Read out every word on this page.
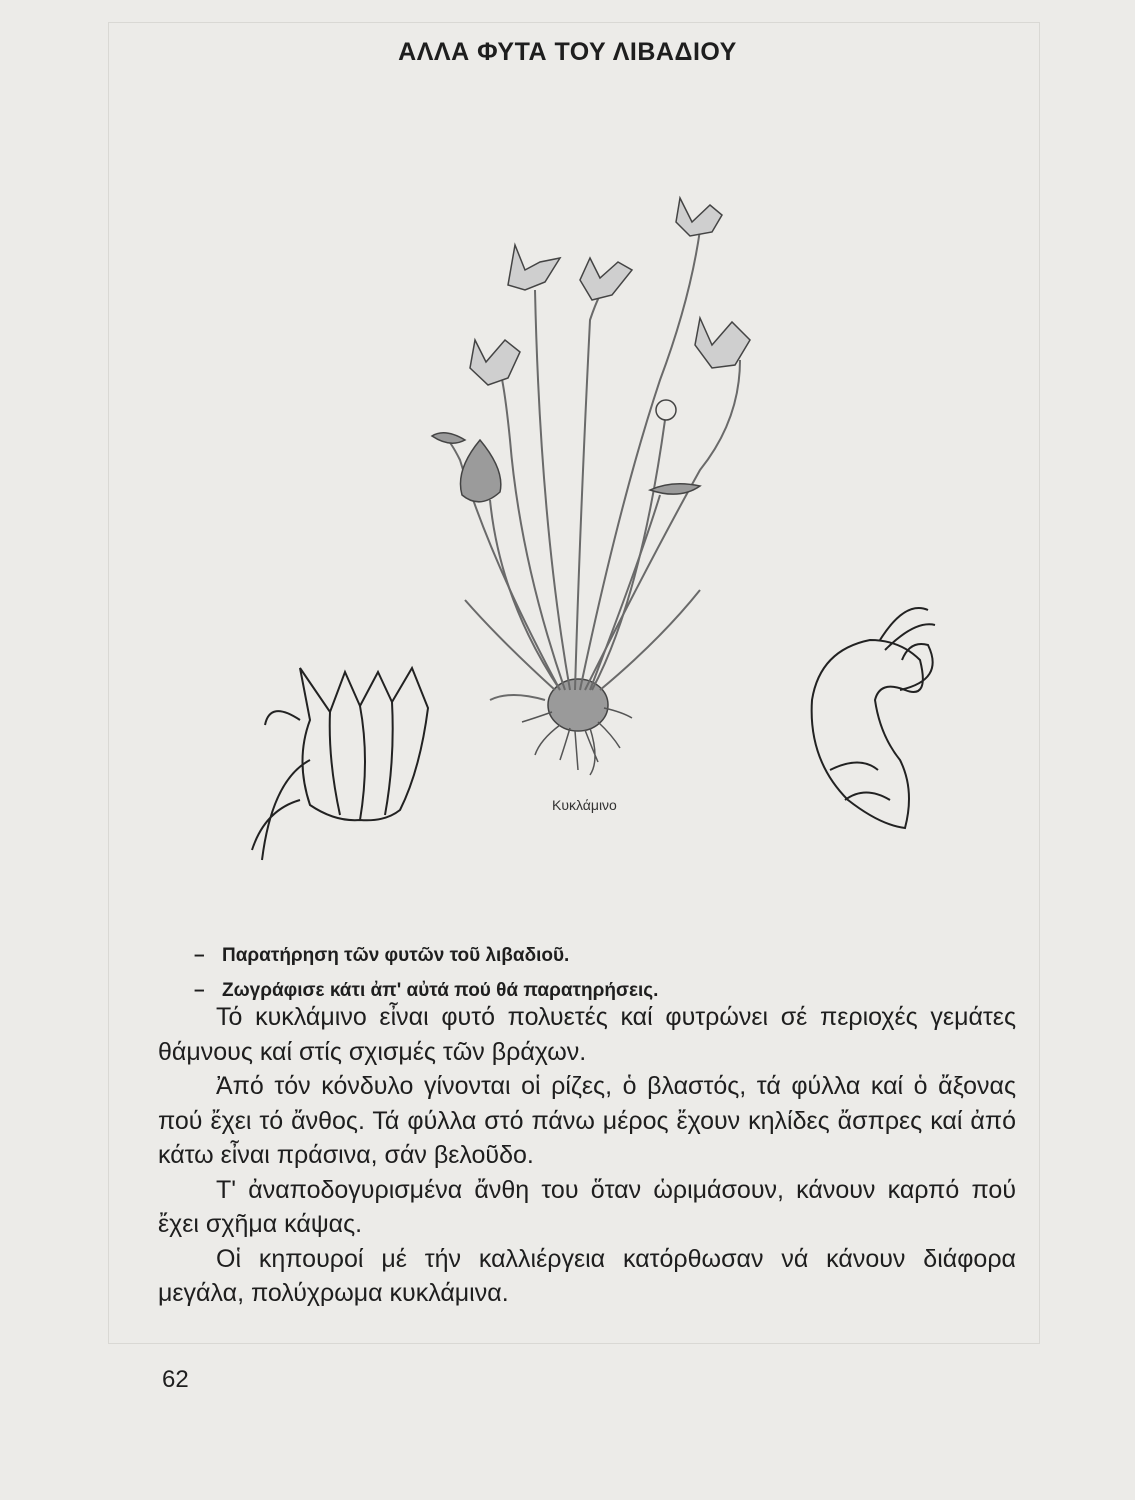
ΑΛΛΑ ΦΥΤΑ ΤΟΥ ΛΙΒΑΔΙΟΥ
Κυκλάμινο
– Παρατήρηση τῶν φυτῶν τοῦ λιβαδιοῦ.
– Ζωγράφισε κάτι ἀπ' αὐτά πού θά παρατηρήσεις.

Τό κυκλάμινο εἶναι φυτό πολυετές καί φυτρώνει σέ περιοχές γεμάτες θάμνους καί στίς σχισμές τῶν βράχων.

Ἀπό τόν κόνδυλο γίνονται οἱ ρίζες, ὁ βλαστός, τά φύλλα καί ὁ ἄξονας πού ἔχει τό ἄνθος. Τά φύλλα στό πάνω μέρος ἔχουν κηλίδες ἄσπρες καί ἀπό κάτω εἶναι πράσινα, σάν βελοῦδο.

Τ' ἀναποδογυρισμένα ἄνθη του ὅταν ὡριμάσουν, κάνουν καρπό πού ἔχει σχῆμα κάψας.

Οἱ κηπουροί μέ τήν καλλιέργεια κατόρθωσαν νά κάνουν διάφορα μεγάλα, πολύχρωμα κυκλάμινα.

62
